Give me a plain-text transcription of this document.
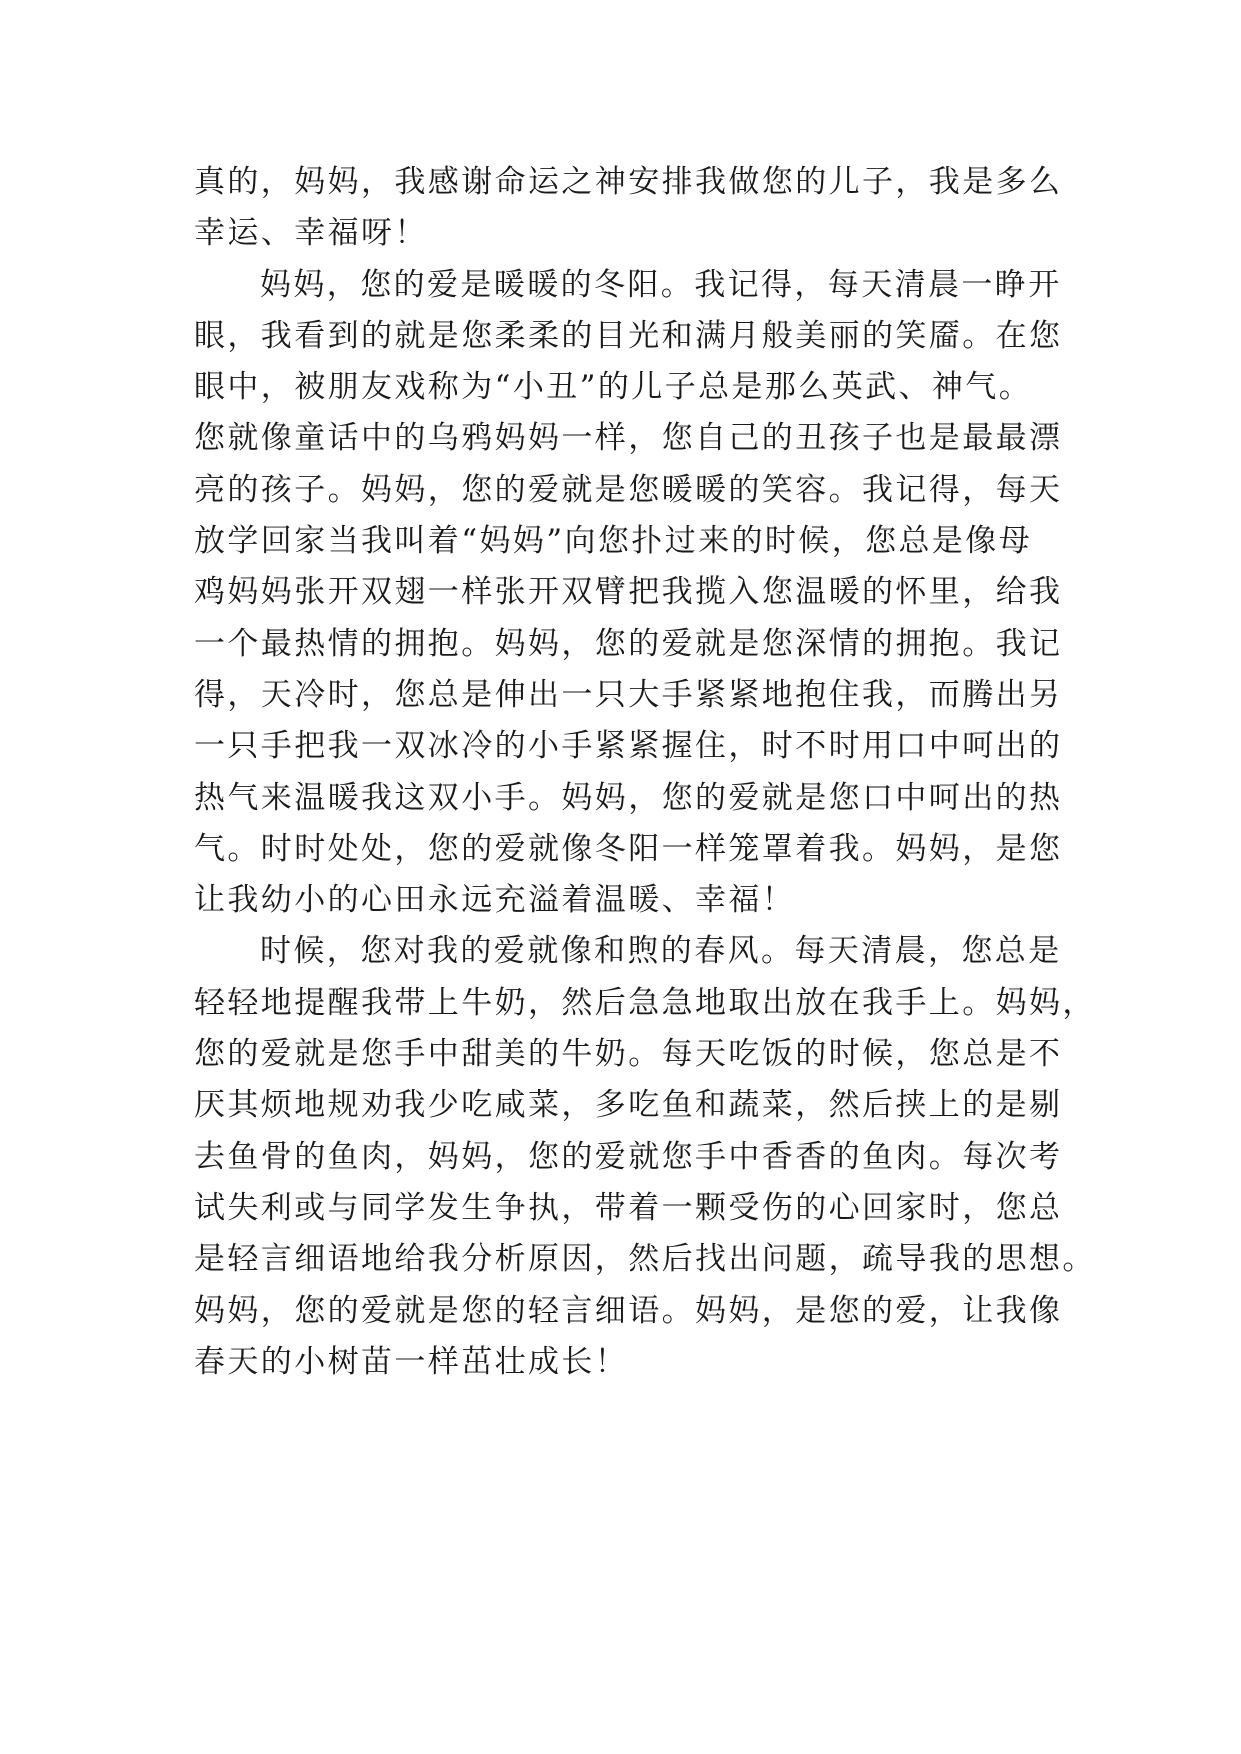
真的，妈妈，我感谢命运之神安排我做您的儿子，我是多么
幸运、幸福呀！
妈妈，您的爱是暖暖的冬阳。我记得，每天清晨一睁开
眼，我看到的就是您柔柔的目光和满月般美丽的笑靥。在您
眼中，被朋友戏称为“小丑”的儿子总是那么英武、神气。
您就像童话中的乌鸦妈妈一样，您自己的丑孩子也是最最漂
亮的孩子。妈妈，您的爱就是您暖暖的笑容。我记得，每天
放学回家当我叫着“妈妈”向您扑过来的时候，您总是像母
鸡妈妈张开双翅一样张开双臂把我揽入您温暖的怀里，给我
一个最热情的拥抱。妈妈，您的爱就是您深情的拥抱。我记
得，天冷时，您总是伸出一只大手紧紧地抱住我，而腾出另
一只手把我一双冰冷的小手紧紧握住，时不时用口中呵出的
热气来温暖我这双小手。妈妈，您的爱就是您口中呵出的热
气。时时处处，您的爱就像冬阳一样笼罩着我。妈妈，是您
让我幼小的心田永远充溢着温暖、幸福！
时候，您对我的爱就像和煦的春风。每天清晨，您总是
轻轻地提醒我带上牛奶，然后急急地取出放在我手上。妈妈，
您的爱就是您手中甜美的牛奶。每天吃饭的时候，您总是不
厌其烦地规劝我少吃咸菜，多吃鱼和蔬菜，然后挟上的是剔
去鱼骨的鱼肉，妈妈，您的爱就您手中香香的鱼肉。每次考
试失利或与同学发生争执，带着一颗受伤的心回家时，您总
是轻言细语地给我分析原因，然后找出问题，疏导我的思想。
妈妈，您的爱就是您的轻言细语。妈妈，是您的爱，让我像
春天的小树苗一样茁壮成长！
